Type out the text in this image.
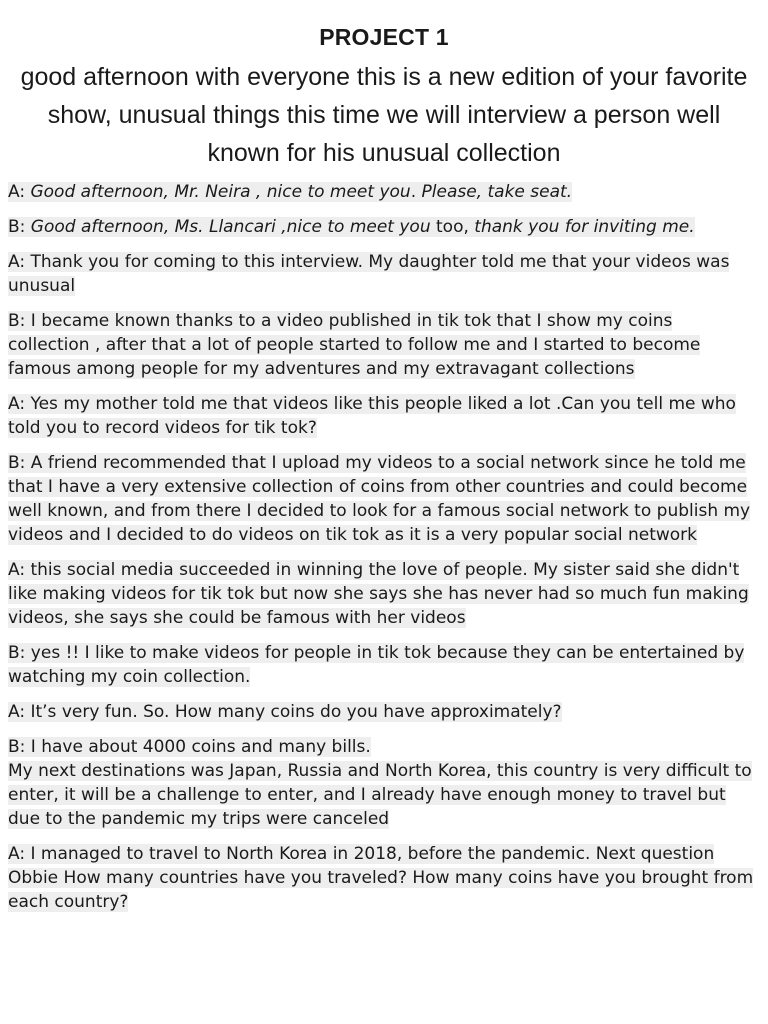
PROJECT 1

good afternoon with everyone this is a new edition of your favorite show, unusual things this time we will interview a person well known for his unusual collection

A: Good afternoon, Mr. Neira , nice to meet you. Please, take seat.

B: Good afternoon, Ms. Llancari ,nice to meet you too, thank you for inviting me.

A: Thank you for coming to this interview. My daughter told me that your videos was unusual

B: I became known thanks to a video published in tik tok that I show my coins collection , after that a lot of people started to follow me and I started to become famous among people for my adventures and my extravagant collections

A: Yes my mother told me that videos like this people liked a lot .Can you tell me who told you to record videos for tik tok?

B: A friend recommended that I upload my videos to a social network since he told me that I have a very extensive collection of coins from other countries and could become well known, and from there I decided to look for a famous social network to publish my videos and I decided to do videos on tik tok as it is a very popular social network

A: this social media succeeded in winning the love of people. My sister said she didn't like making videos for tik tok but now she says she has never had so much fun making videos, she says she could be famous with her videos

B: yes !! I like to make videos for people in tik tok because they can be entertained by watching my coin collection.

A: It’s very fun. So. How many coins do you have approximately?

B: I have about 4000 coins and many bills.
My next destinations was Japan, Russia and North Korea, this country is very difficult to enter, it will be a challenge to enter, and I already have enough money to travel but due to the pandemic my trips were canceled

A: I managed to travel to North Korea in 2018, before the pandemic. Next question Obbie How many countries have you traveled? How many coins have you brought from each country?
